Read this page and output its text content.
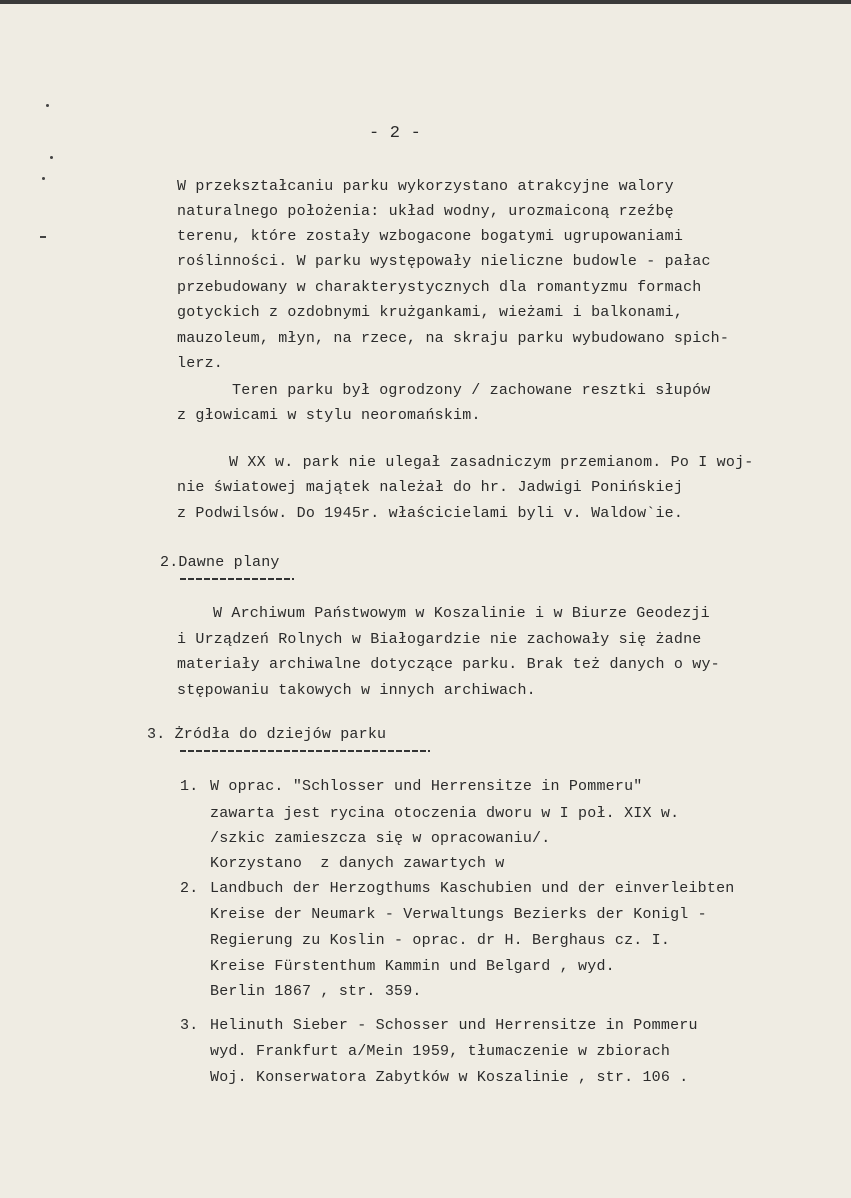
- 2 -
W przekształcaniu parku wykorzystano atrakcyjne walory
naturalnego położenia: układ wodny, urozmaiconą rzeźbę
terenu, które zostały wzbogacone bogatymi ugrupowaniami
roślinności. W parku występowały nieliczne budowle - pałac
przebudowany w charakterystycznych dla romantyzmu formach
gotyckich z ozdobnymi krużgankami, wieżami i balkonami,
mauzoleum, młyn, na rzece, na skraju parku wybudowano spich-
lerz.
Teren parku był ogrodzony / zachowane resztki słupów
z głowicami w stylu neoromańskim.
W XX w. park nie ulegał zasadniczym przemianom. Po I woj-
nie światowej majątek należał do hr. Jadwigi Ponińskiej
z Podwilsów. Do 1945r. właścicielami byli v. Waldow`ie.
2.Dawne plany
W Archiwum Państwowym w Koszalinie i w Biurze Geodezji
i Urządzeń Rolnych w Białogardzie nie zachowały się żadne
materiały archiwalne dotyczące parku. Brak też danych o wy-
stępowaniu takowych w innych archiwach.
3. Żródła do dziejów parku
1. W oprac. "Schlosser und Herrensitze in Pommeru"
zawarta jest rycina otoczenia dworu w I poł. XIX w.
/szkic zamieszcza się w opracowaniu/.
Korzystano  z danych zawartych w
2. Landbuch der Herzogthums Kaschubien und der einverleibten
Kreise der Neumark - Verwaltungs Bezierks der Konigl -
Regierung zu Koslin - oprac. dr H. Berghaus cz. I.
Kreise Fürstenthum Kammin und Belgard , wyd.
Berlin 1867 , str. 359.
3. Helinuth Sieber - Schosser und Herrensitze in Pommeru
wyd. Frankfurt a/Mein 1959, tłumaczenie w zbiorach
Woj. Konserwatora Zabytków w Koszalinie , str. 106 .
